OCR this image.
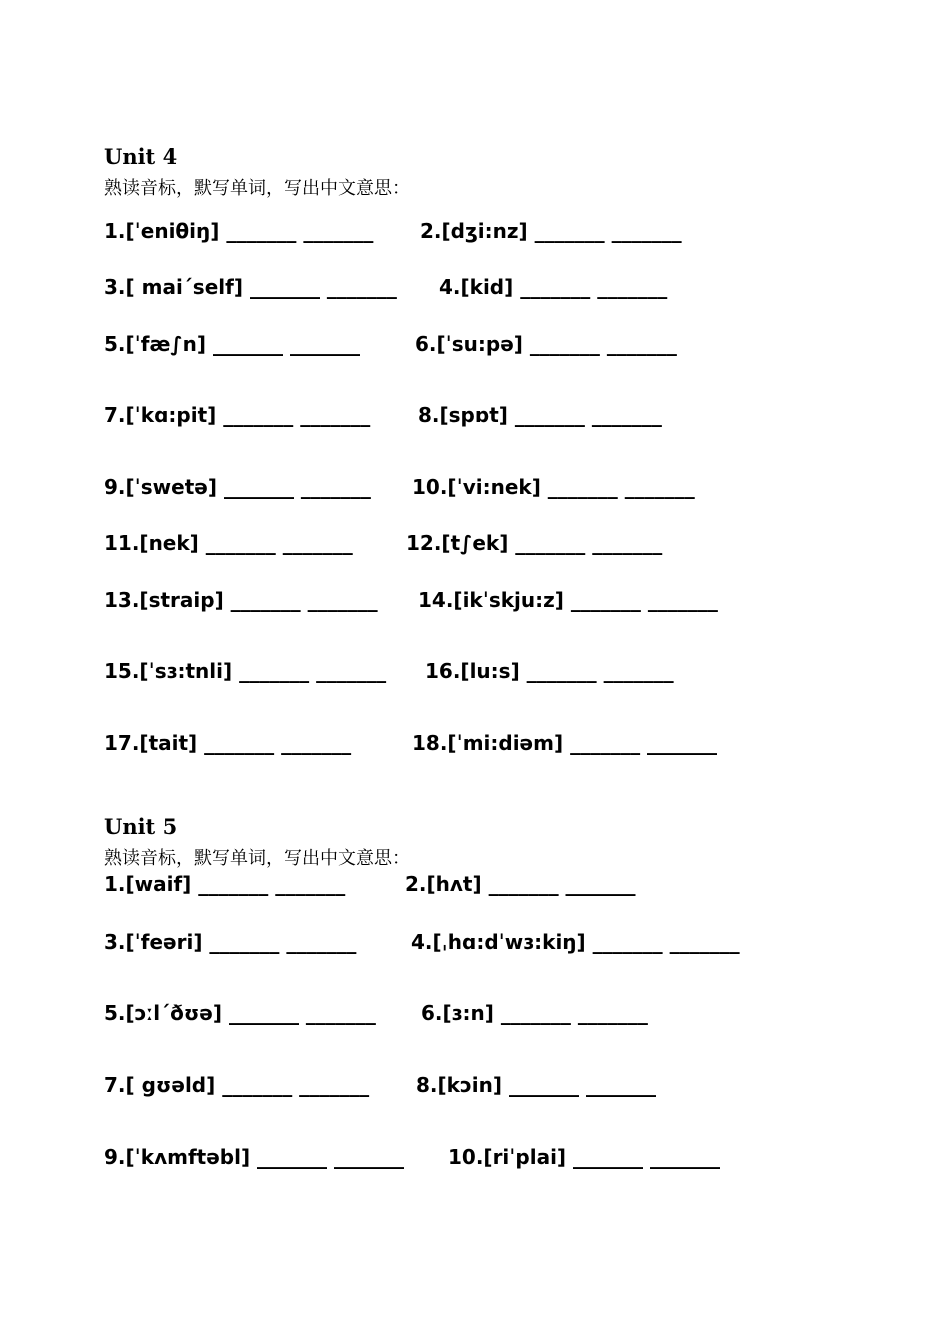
Unit 4
熟读音标，默写单词，写出中文意思：
1.[ˈeniθiŋ] _______ _______ 2.[dʒi:nz] _______ _______
3.[ mai´self] _______ _______ 4.[kid] _______ _______
5.[ˈfæ∫n] _______ _______	6.[ˈsu:pə] _______ _______
7.[ˈkɑ:pit] _______ _______ 8.[spɒt] _______ _______
9.[ˈswetə] _______ _______ 10.[ˈvi:nek] _______ _______
11.[nek] _______ _______	12.[t∫ek] _______ _______
13.[straip] _______ _______ 14.[ikˈskju:z] _______ _______
15.[ˈsɜ:tnli] _______ _______ 16.[lu:s] _______ _______
17.[tait] _______ _______	18.[ˈmi:diəm] _______ _______
Unit 5
熟读音标，默写单词，写出中文意思：
1.[waif] _______ _______	2.[hʌt] _______ _______
3.[ˈfeəri] _______ _______	4.[ˌhɑ:dˈwɜ:kiŋ] _______ _______
5.[ɔːl´ðʊə] _______ _______ 6.[ɜ:n] _______ _______
7.[ gʊəld] _______ _______ 8.[kɔin] _______ _______
9.[ˈkʌmftəbl] _______ _______ 10.[riˈplai] _______ _______
